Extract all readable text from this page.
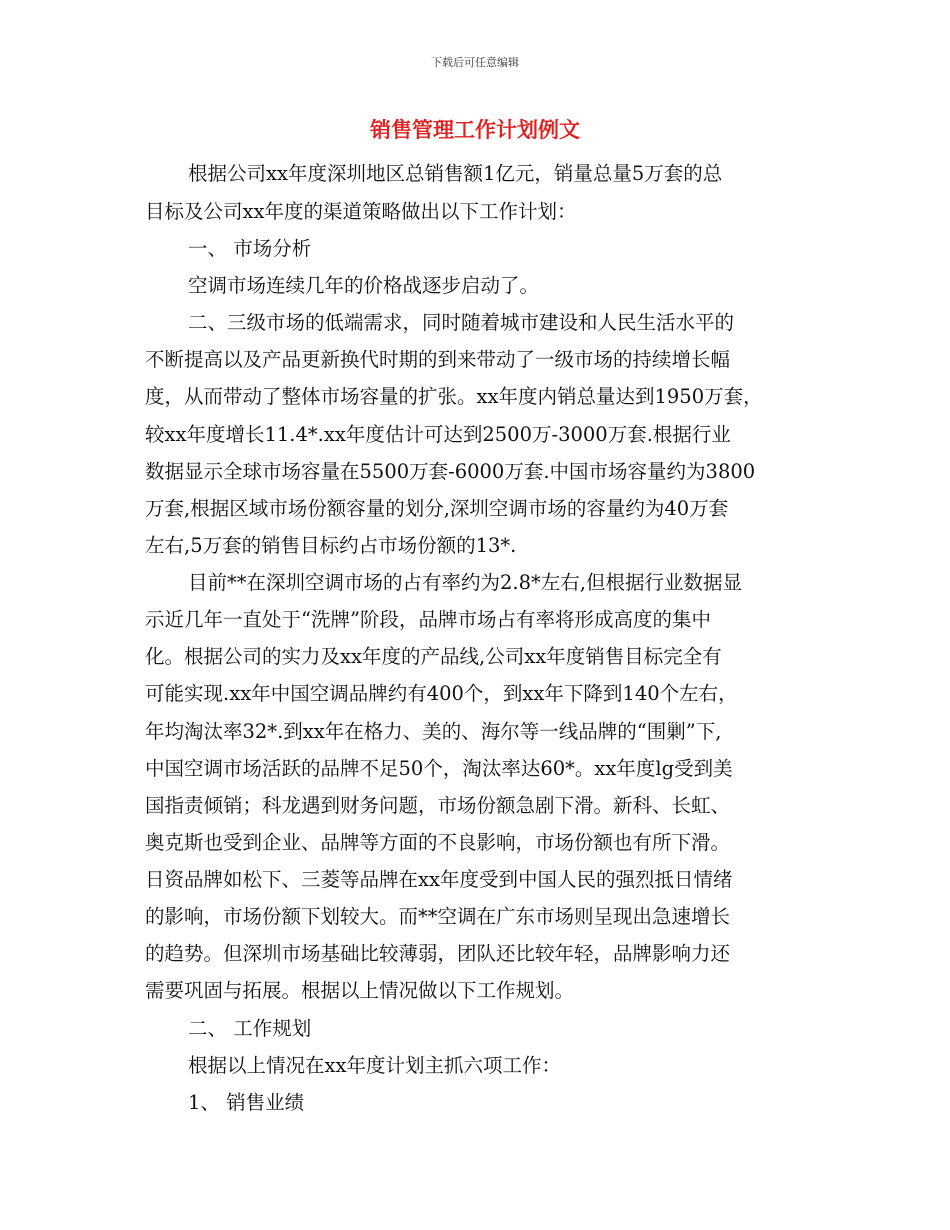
下载后可任意编辑
销售管理工作计划例文
根据公司xx年度深圳地区总销售额1亿元，销量总量5万套的总
目标及公司xx年度的渠道策略做出以下工作计划：
一、 市场分析
空调市场连续几年的价格战逐步启动了。
二、三级市场的低端需求，同时随着城市建设和人民生活水平的
不断提高以及产品更新换代时期的到来带动了一级市场的持续增长幅
度，从而带动了整体市场容量的扩张。xx年度内销总量达到1950万套，
较xx年度增长11.4*.xx年度估计可达到2500万-3000万套.根据行业
数据显示全球市场容量在5500万套-6000万套.中国市场容量约为3800
万套,根据区域市场份额容量的划分,深圳空调市场的容量约为40万套
左右,5万套的销售目标约占市场份额的13*.
目前**在深圳空调市场的占有率约为2.8*左右,但根据行业数据显
示近几年一直处于“洗牌”阶段，品牌市场占有率将形成高度的集中
化。根据公司的实力及xx年度的产品线,公司xx年度销售目标完全有
可能实现.xx年中国空调品牌约有400个，到xx年下降到140个左右，
年均淘汰率32*.到xx年在格力、美的、海尔等一线品牌的“围剿”下,
中国空调市场活跃的品牌不足50个，淘汰率达60*。xx年度lg受到美
国指责倾销；科龙遇到财务问题，市场份额急剧下滑。新科、长虹、
奥克斯也受到企业、品牌等方面的不良影响，市场份额也有所下滑。
日资品牌如松下、三菱等品牌在xx年度受到中国人民的强烈抵日情绪
的影响，市场份额下划较大。而**空调在广东市场则呈现出急速增长
的趋势。但深圳市场基础比较薄弱，团队还比较年轻，品牌影响力还
需要巩固与拓展。根据以上情况做以下工作规划。
二、 工作规划
根据以上情况在xx年度计划主抓六项工作：
1、 销售业绩
